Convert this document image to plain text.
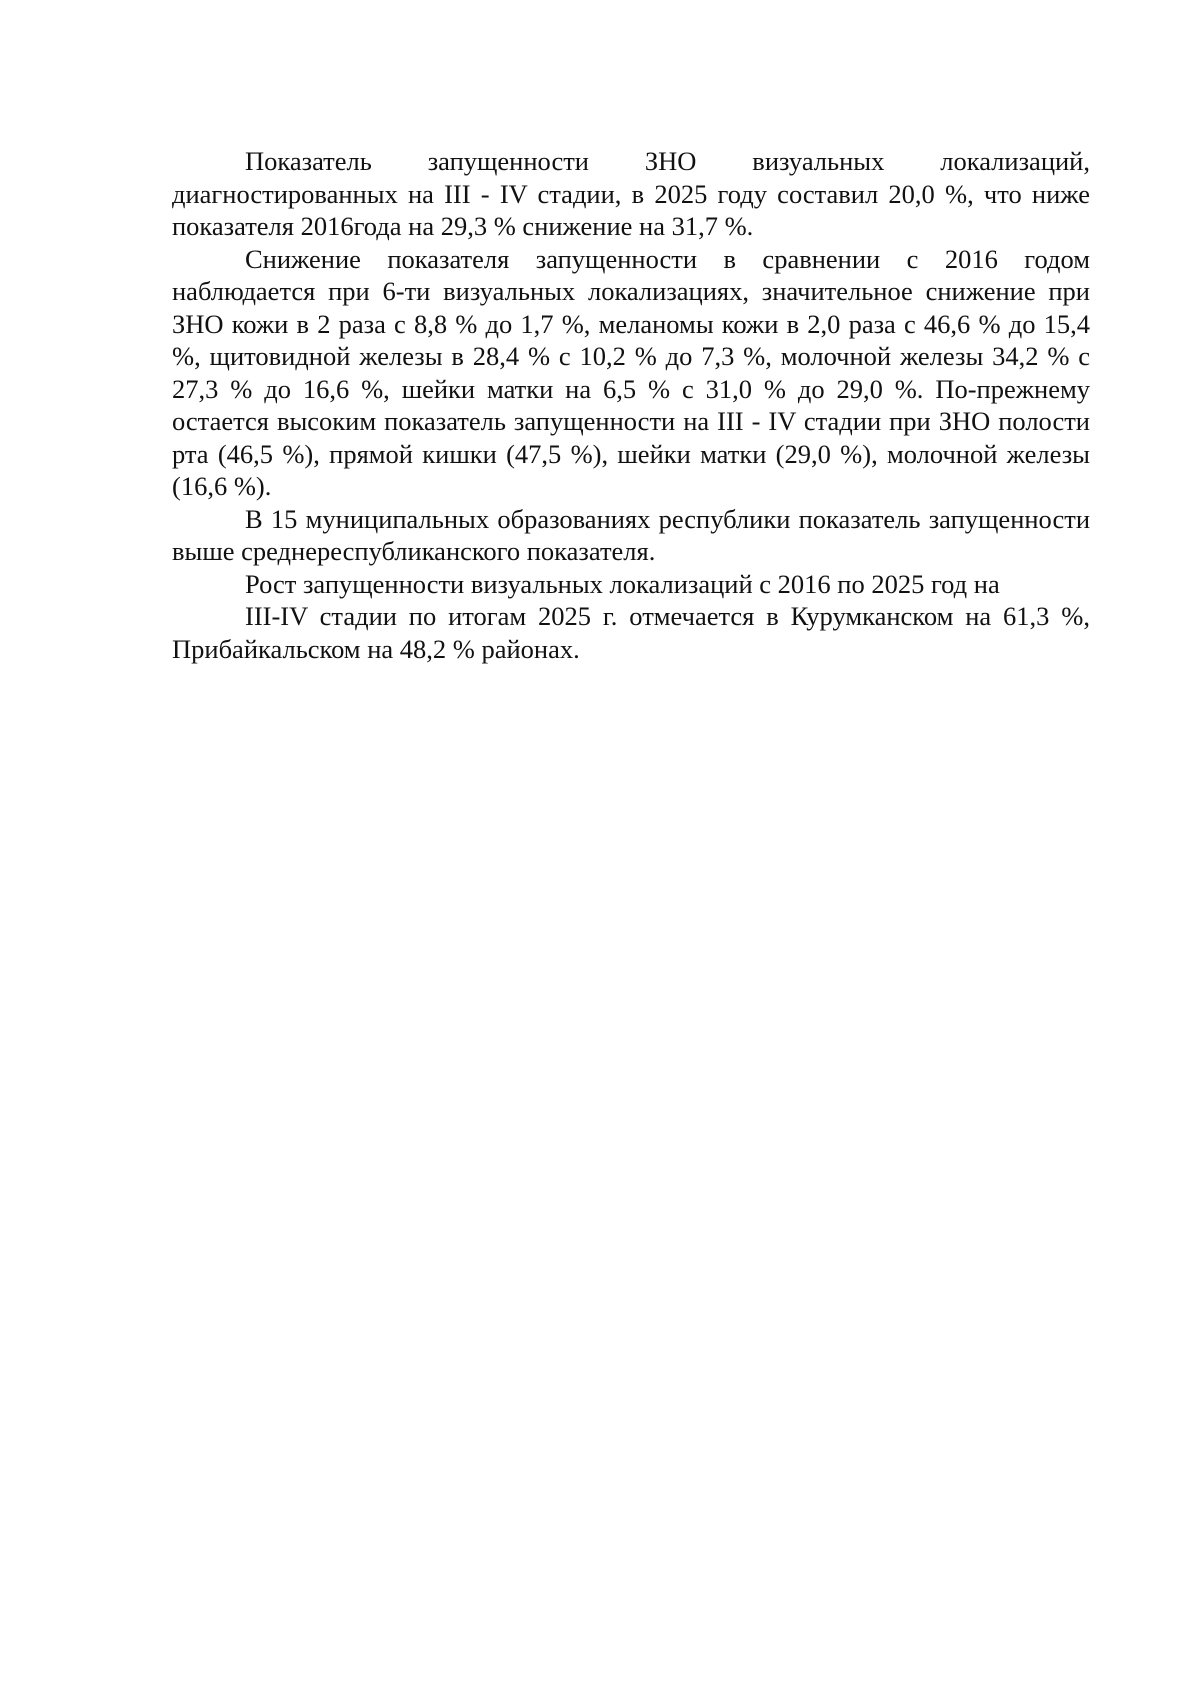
Показатель запущенности ЗНО визуальных локализаций, диагностированных на III - IV стадии, в 2025 году составил 20,0 %, что ниже показателя 2016года на 29,3 % снижение на 31,7 %.

Снижение показателя запущенности в сравнении с 2016 годом наблюдается при 6-ти визуальных локализациях, значительное снижение при ЗНО кожи в 2 раза с 8,8 % до 1,7 %, меланомы кожи в 2,0 раза с 46,6 % до 15,4 %, щитовидной железы в 28,4 % с 10,2 % до 7,3 %, молочной железы 34,2 % с 27,3 % до 16,6 %, шейки матки на 6,5 % с 31,0 % до 29,0 %. По-прежнему остается высоким показатель запущенности на III - IV стадии при ЗНО полости рта (46,5 %), прямой кишки (47,5 %), шейки матки (29,0 %), молочной железы (16,6 %).

В 15 муниципальных образованиях республики показатель запущенности выше среднереспубликанского показателя.

Рост запущенности визуальных локализаций с 2016 по 2025 год на

III-IV стадии по итогам 2025 г. отмечается в Курумканском на 61,3 %, Прибайкальском на 48,2 % районах.
